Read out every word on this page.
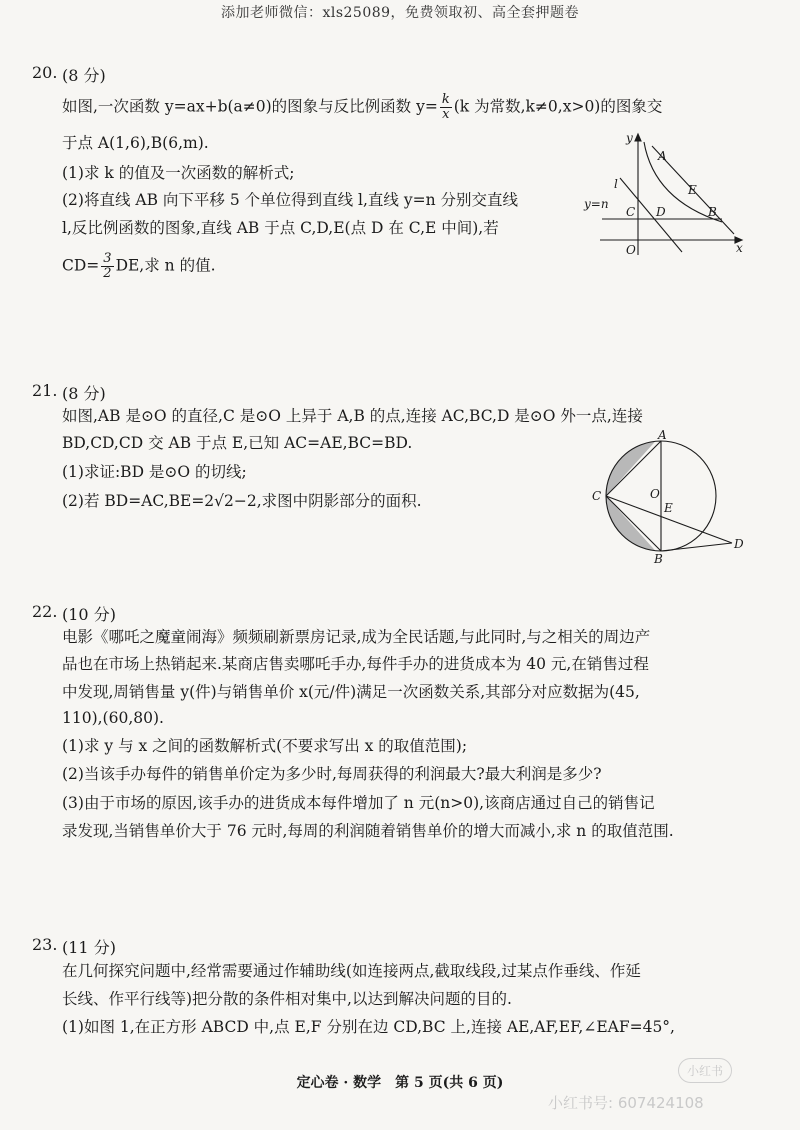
添加老师微信：xls25089，免费领取初、高全套押题卷
20. (8 分)
如图,一次函数 y=ax+b(a≠0)的图象与反比例函数 $y= \frac{k}{x} (k$ 为常数,k≠0,x>0)的图象交
于点 A(1,6),B(6,m).
(1)求 k 的值及一次函数的解析式;
(2)将直线 AB 向下平移 5 个单位得到直线 l,直线 y=n 分别交直线
l,反比例函数的图象,直线 AB 于点 C,D,E(点 D 在 C,E 中间),若
$CD= \frac{3}{2}$ DE,求 n 的值.
y
x
O
y=n
A
B
C D
E
l
21. (8 分)
如图,AB 是⊙O 的直径,C 是⊙O 上异于 A,B 的点,连接 AC,BC,D 是⊙O 外一点,连接
BD,CD,CD 交 AB 于点 E,已知 AC=AE,BC=BD.
(1)求证:BD 是⊙O 的切线;
(2)若 BD=AC,BE=2√2−2,求图中阴影部分的面积.
A
B
C
D
E
O
22. (10 分)
电影《哪吒之魔童闹海》频频刷新票房记录,成为全民话题,与此同时,与之相关的周边产
品也在市场上热销起来.某商店售卖哪吒手办,每件手办的进货成本为 40 元,在销售过程
中发现,周销售量 y(件)与销售单价 x(元/件)满足一次函数关系,其部分对应数据为(45,
110),(60,80).
(1)求 y 与 x 之间的函数解析式(不要求写出 x 的取值范围);
(2)当该手办每件的销售单价定为多少时,每周获得的利润最大?最大利润是多少?
(3)由于市场的原因,该手办的进货成本每件增加了 n 元(n>0),该商店通过自己的销售记
录发现,当销售单价大于 76 元时,每周的利润随着销售单价的增大而减小,求 n 的取值范围.
23. (11 分)
在几何探究问题中,经常需要通过作辅助线(如连接两点,截取线段,过某点作垂线、作延
长线、作平行线等)把分散的条件相对集中,以达到解决问题的目的.
(1)如图 1,在正方形 ABCD 中,点 E,F 分别在边 CD,BC 上,连接 AE,AF,EF,∠EAF=45°,
定心卷 · 数学　第 5 页(共 6 页)
小红书
小红书号: 607424108
